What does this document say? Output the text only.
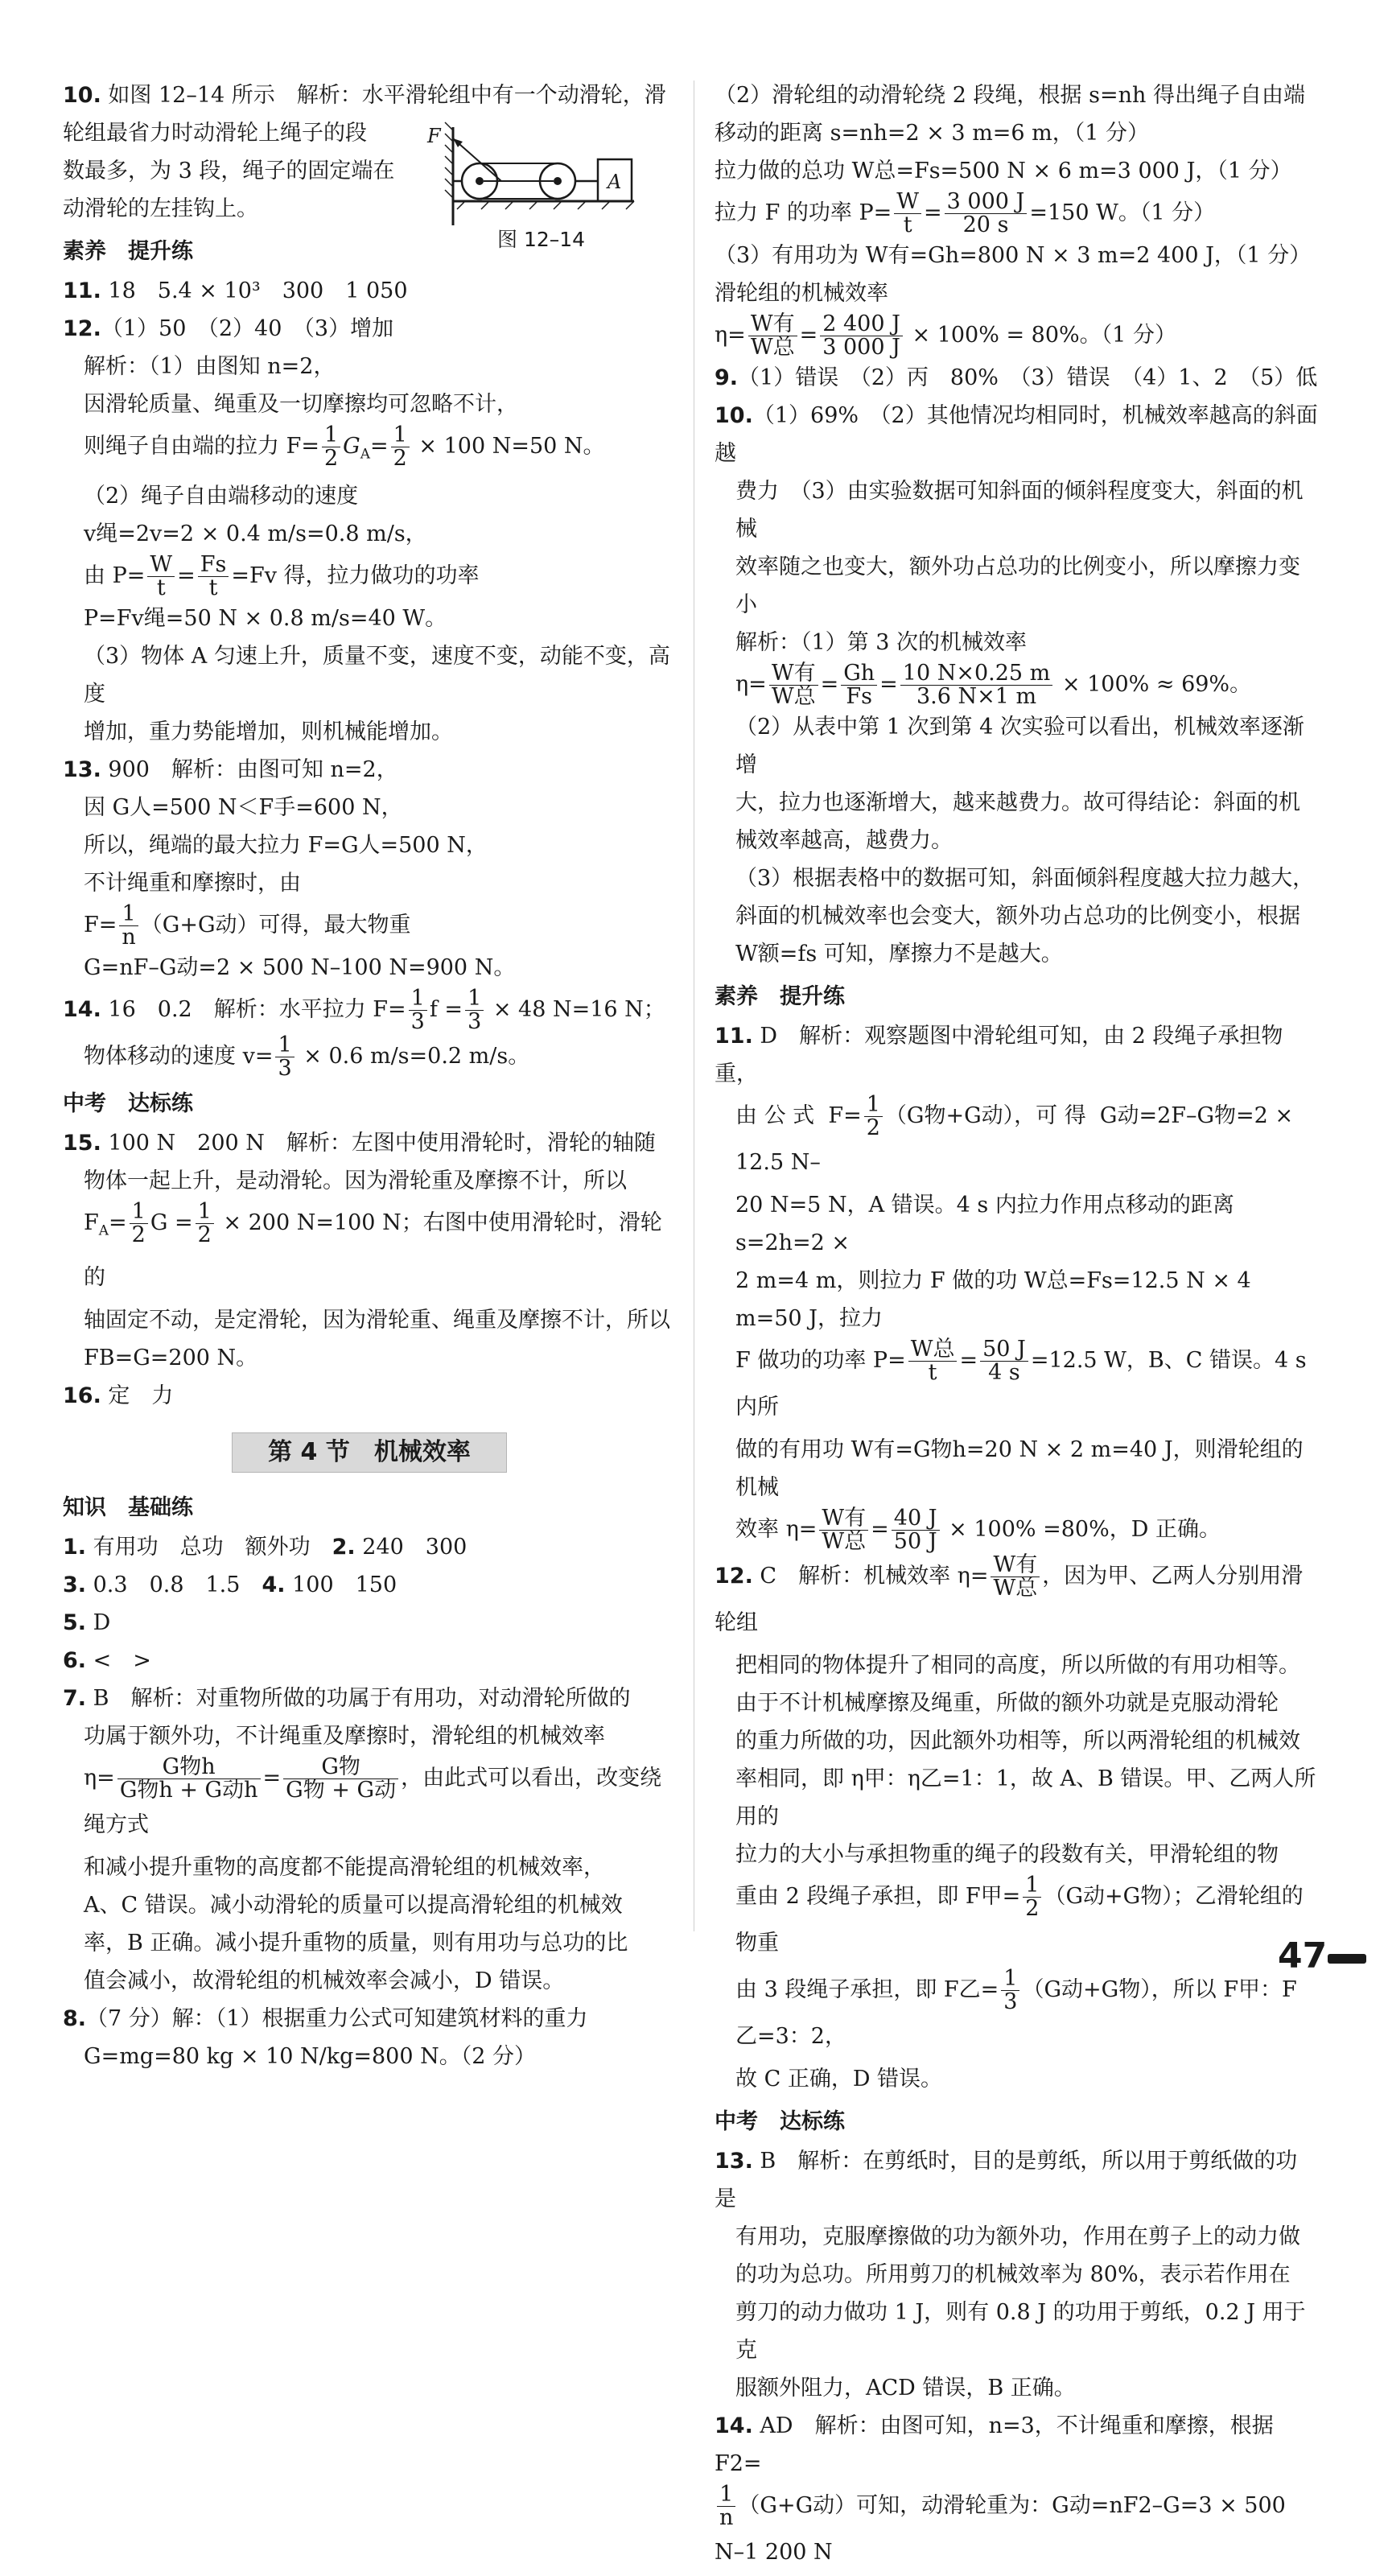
10. 如图 12–14 所示　解析：水平滑轮组中有一个动滑轮，滑

轮组最省力时动滑轮上绳子的段

数最多，为 3 段，绳子的固定端在

动滑轮的左挂钩上。

素养　提升练

11. 18　5.4 × 10³　300　1 050

12.（1）50　（2）40　（3）增加

解析：（1）由图知 n=2，

因滑轮质量、绳重及一切摩擦均可忽略不计，

则绳子自由端的拉力 $F= \frac{1}{2} G_A= \frac{1}{2} \times 100$ N=50 N。

（2）绳子自由端移动的速度

v绳=2v=2 × 0.4 m/s=0.8 m/s，

由 $P= \frac{W}{t} = \frac{Fs}{t} =Fv$ 得，拉力做功的功率

P=Fv绳=50 N × 0.8 m/s=40 W。

（3）物体 A 匀速上升，质量不变，速度不变，动能不变，高度

增加，重力势能增加，则机械能增加。

13. 900　解析：由图可知 n=2，

因 G人=500 N＜F手=600 N，

所以，绳端的最大拉力 F=G人=500 N，

不计绳重和摩擦时，由

$F= \frac{1}{n} (G+G$动）可得，最大物重

G=nF–G动=2 × 500 N–100 N=900 N。

14. 16　0.2　解析：水平拉力 $F= \frac{1}{3}$ $f = \frac{1}{3} \times 48$ N=16 N；

物体移动的速度 $v= \frac{1}{3} \times 0.6$ m/s=0.2 m/s。

中考　达标练

15. 100 N　200 N　解析：左图中使用滑轮时，滑轮的轴随

物体一起上升，是动滑轮。因为滑轮重及摩擦不计，所以

$F_A= \frac{1}{2}$ $G = \frac{1}{2} \times 200$ N=100 N；右图中使用滑轮时，滑轮的

轴固定不动，是定滑轮，因为滑轮重、绳重及摩擦不计，所以

FB=G=200 N。

16. 定　力

第 4 节　机械效率

知识　基础练

1. 有用功　总功　额外功　2. 240　300

3. 0.3　0.8　1.5　4. 100　150

5. D

6. <　>

7. B　解析：对重物所做的功属于有用功，对动滑轮所做的

功属于额外功，不计绳重及摩擦时，滑轮组的机械效率

$\eta= \frac{\text{G物h}}{\text{G物h + G动h}} = \frac{\text{G物}}{\text{G物 + G动}}$ ，由此式可以看出，改变绕绳方式

和减小提升重物的高度都不能提高滑轮组的机械效率，

A、C 错误。减小动滑轮的质量可以提高滑轮组的机械效

率，B 正确。减小提升重物的质量，则有用功与总功的比

值会减小，故滑轮组的机械效率会减小，D 错误。

8.（7 分）解：（1）根据重力公式可知建筑材料的重力

G=mg=80 kg × 10 N/kg=800 N。（2 分）

F
A
图 12–14

（2）滑轮组的动滑轮绕 2 段绳，根据 s=nh 得出绳子自由端

移动的距离 s=nh=2 × 3 m=6 m，（1 分）

拉力做的总功 W总=Fs=500 N × 6 m=3 000 J，（1 分）

拉力 F 的功率 $P= \frac{W}{t} = \frac{3 000 J}{20 s} =150$ W。（1 分）

（3）有用功为 W有=Gh=800 N × 3 m=2 400 J，（1 分）

滑轮组的机械效率

$\eta= \frac{\text{W有}}{\text{W总}} = \frac{2 400 J}{3 000 J} \times 100\% = 80\%$。（1 分）

9.（1）错误　（2）丙　80%　（3）错误　（4）1、2　（5）低

10.（1）69%　（2）其他情况均相同时，机械效率越高的斜面越

费力　（3）由实验数据可知斜面的倾斜程度变大，斜面的机械

效率随之也变大，额外功占总功的比例变小，所以摩擦力变小

解析：（1）第 3 次的机械效率

$\eta= \frac{\text{W有}}{\text{W总}} = \frac{Gh}{Fs} = \frac{10 N\times 0.25 m}{3.6 N\times 1 m} \times 100\% \approx 69\%$。

（2）从表中第 1 次到第 4 次实验可以看出，机械效率逐渐增

大，拉力也逐渐增大，越来越费力。故可得结论：斜面的机

械效率越高，越费力。

（3）根据表格中的数据可知，斜面倾斜程度越大拉力越大，

斜面的机械效率也会变大，额外功占总功的比例变小，根据

W额=fs 可知，摩擦力不是越大。

素养　提升练

11. D　解析：观察题图中滑轮组可知，由 2 段绳子承担物重，

由 公 式  $F= \frac{1}{2} (G$物+G动），可 得  G动=2F–G物=2 × 12.5 N–

20 N=5 N，A 错误。4 s 内拉力作用点移动的距离 s=2h=2 ×

2 m=4 m，则拉力 F 做的功 W总=Fs=12.5 N × 4 m=50 J，拉力

F 做功的功率 $P= \frac{\text{W总}}{t} = \frac{50 J}{4 s} =12.5$ W，B、C 错误。4 s 内所

做的有用功 W有=G物h=20 N × 2 m=40 J，则滑轮组的机械

效率 $\eta= \frac{\text{W有}}{\text{W总}} = \frac{40 J}{50 J} \times 100\% =80\%$，D 正确。

12. C　解析：机械效率 $\eta= \frac{\text{W有}}{\text{W总}}$ ，因为甲、乙两人分别用滑轮组

把相同的物体提升了相同的高度，所以所做的有用功相等。

由于不计机械摩擦及绳重，所做的额外功就是克服动滑轮

的重力所做的功，因此额外功相等，所以两滑轮组的机械效

率相同，即 η甲：η乙=1：1，故 A、B 错误。甲、乙两人所用的

拉力的大小与承担物重的绳子的段数有关，甲滑轮组的物

重由 2 段绳子承担，即 F甲= $\frac{1}{2} (G$动+G物）；乙滑轮组的物重

由 3 段绳子承担，即 F乙= $\frac{1}{3} (G$动+G物），所以 F甲：F乙=3：2，

故 C 正确，D 错误。

中考　达标练

13. B　解析：在剪纸时，目的是剪纸，所以用于剪纸做的功是

有用功，克服摩擦做的功为额外功，作用在剪子上的动力做

的功为总功。所用剪刀的机械效率为 80%，表示若作用在

剪刀的动力做功 1 J，则有 0.8 J 的功用于剪纸，0.2 J 用于克

服额外阻力，ACD 错误，B 正确。

14. AD　解析：由图可知，n=3，不计绳重和摩擦，根据 F2=

$\frac{1}{n} (G+G$动）可知，动滑轮重为：G动=nF2–G=3 × 500 N–1 200 N

47
